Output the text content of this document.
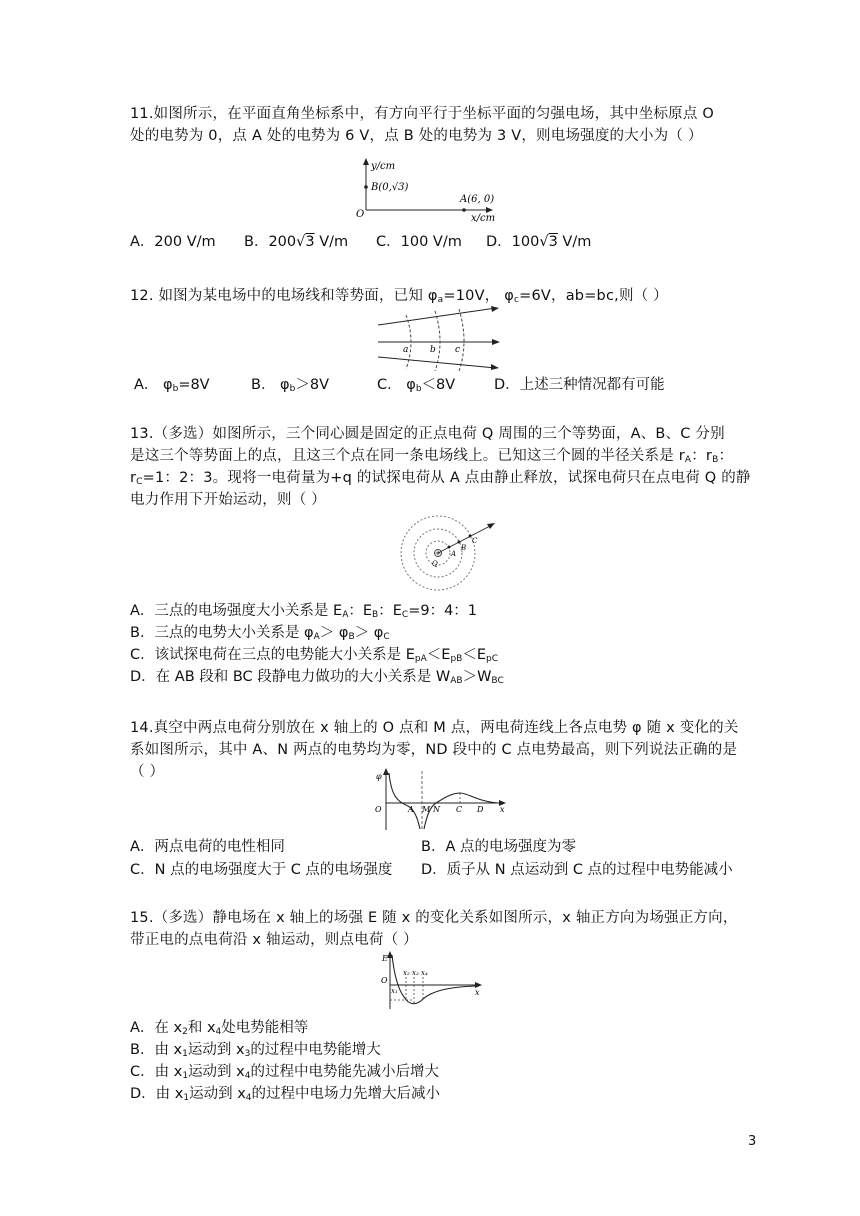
11.如图所示，在平面直角坐标系中，有方向平行于坐标平面的匀强电场，其中坐标原点 O
处的电势为 0，点 A 处的电势为 6 V，点 B 处的电势为 3 V，则电场强度的大小为（ ）
y/cm
B(0,√3)
A(6, 0)
O	x/cm
A．200 V/m B．200√3 V/m C．100 V/m D．100√3 V/m
12. 如图为某电场中的电场线和等势面，已知 $\varphi_a=10V$， $\varphi_c=6V$，ab=bc,则（ ）
a b c
A． $\varphi_b=8V$	B． $\varphi_b>8V$	C． $\varphi_b<8V$	D．上述三种情况都有可能
13.（多选）如图所示，三个同心圆是固定的正点电荷 Q 周围的三个等势面，A、B、C 分别
是这三个等势面上的点，且这三个点在同一条电场线上。已知这三个圆的半径关系是 $r_A$：$r_B$：
$r_C=1$：2：3。现将一电荷量为+q 的试探电荷从 A 点由静止释放，试探电荷只在点电荷 Q 的静
电力作用下开始运动，则（ ）
Q
A
B
C
A．三点的电场强度大小关系是 $E_A$：$E_B$：$E_C=9$：4：1
B．三点的电势大小关系是 $\varphi_A> \varphi_B> \varphi_C$
C．该试探电荷在三点的电势能大小关系是 $E_{pA}<E_{pB}<E_{pC}$
D．在 AB 段和 BC 段静电力做功的大小关系是 $W_{AB}>W_{BC}$
14.真空中两点电荷分别放在 x 轴上的 O 点和 M 点，两电荷连线上各点电势 φ 随 x 变化的关
系如图所示，其中 A、N 两点的电势均为零，ND 段中的 C 点电势最高，则下列说法正确的是
（ ）	φ
O	A M N C D x
A．两点电荷的电性相同	B．A 点的电场强度为零
C．N 点的电场强度大于 C 点的电场强度 D．质子从 N 点运动到 C 点的过程中电势能减小
15.（多选）静电场在 x 轴上的场强 E 随 x 的变化关系如图所示，x 轴正方向为场强正方向，
带正电的点电荷沿 x 轴运动，则点电荷（ ）
E
O
x₁
x₂ x₃ x₄
x
A．在 $x_2$和 $x_4$处电势能相等
B．由 $x_1$运动到 $x_3$的过程中电势能增大
C．由 $x_1$运动到 $x_4$的过程中电势能先减小后增大
D．由 $x_1$运动到 $x_4$的过程中电场力先增大后减小
3
